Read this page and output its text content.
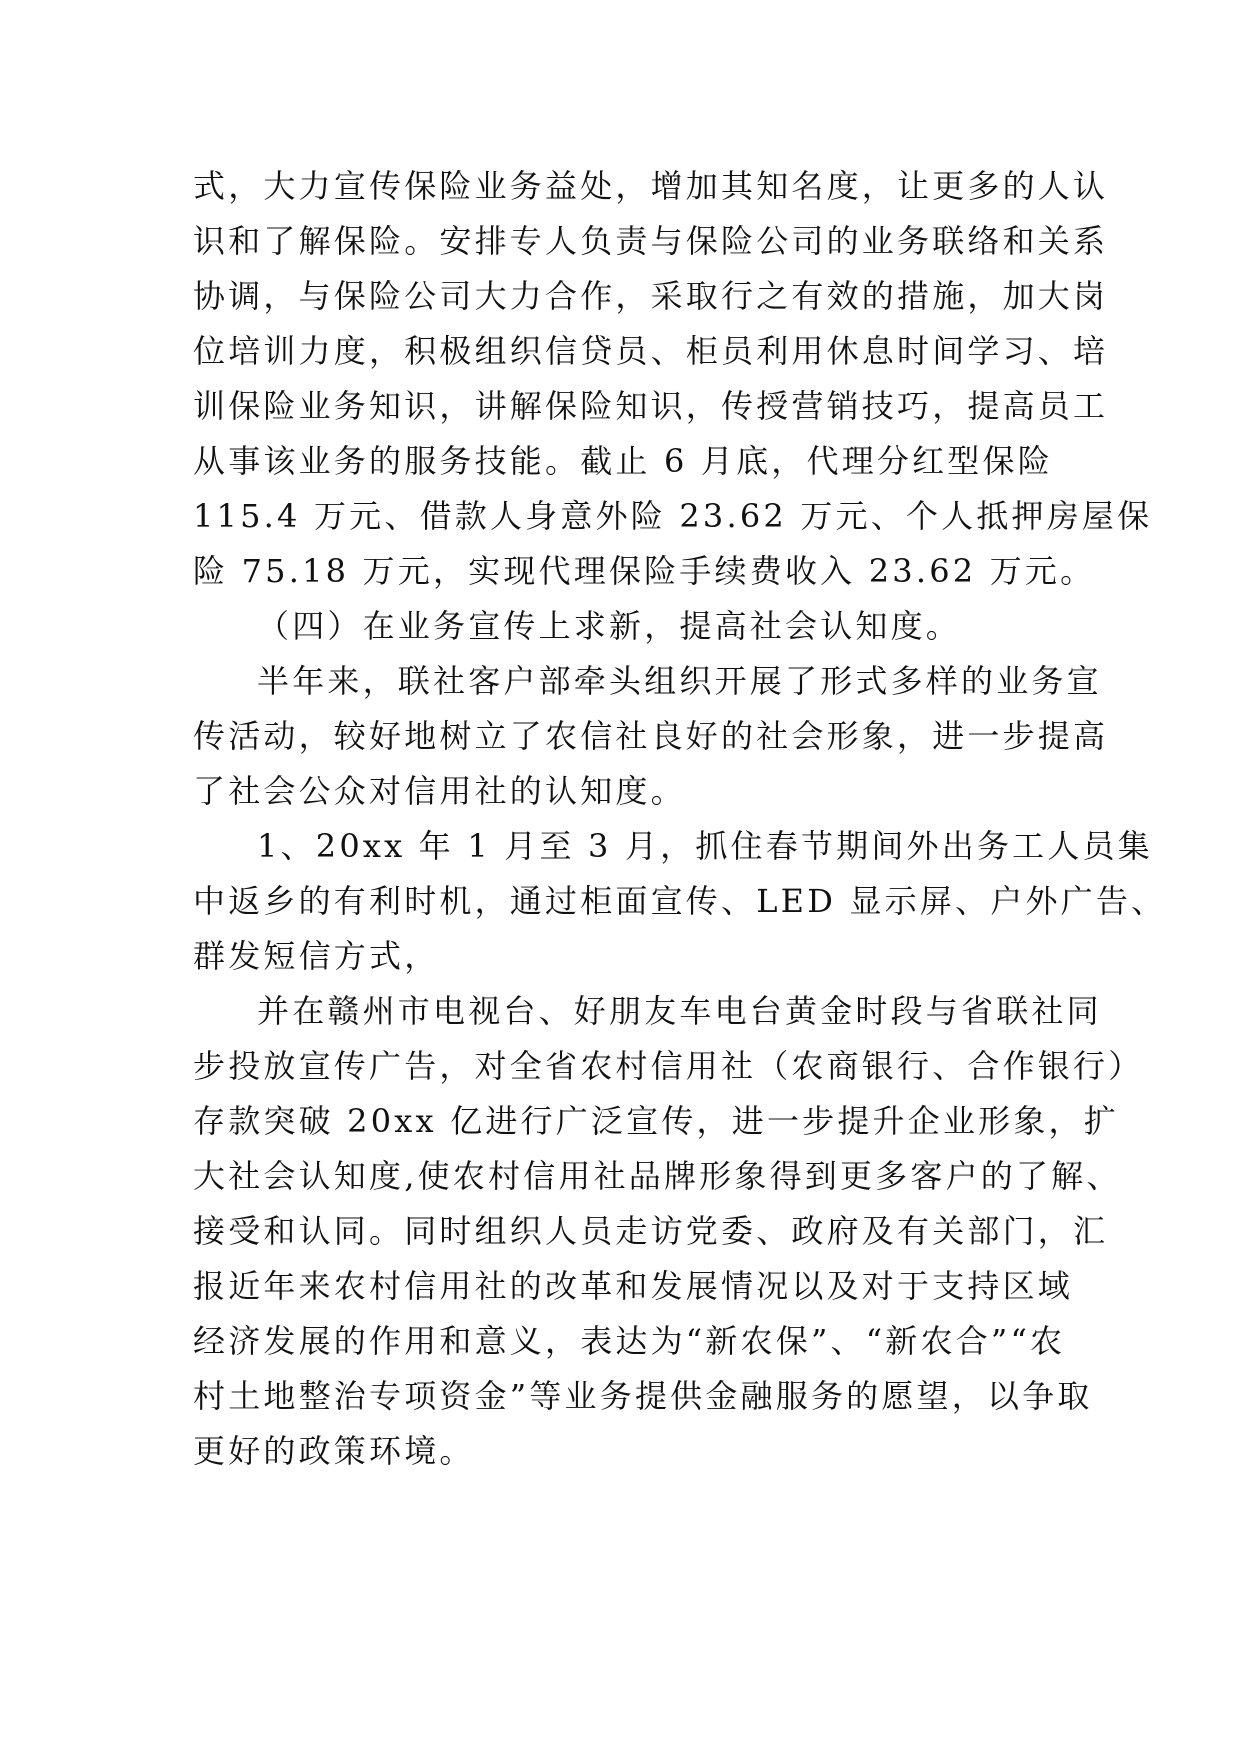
式，大力宣传保险业务益处，增加其知名度，让更多的人认
识和了解保险。安排专人负责与保险公司的业务联络和关系
协调，与保险公司大力合作，采取行之有效的措施，加大岗
位培训力度，积极组织信贷员、柜员利用休息时间学习、培
训保险业务知识，讲解保险知识，传授营销技巧，提高员工
从事该业务的服务技能。截止 6 月底，代理分红型保险
115.4 万元、借款人身意外险 23.62 万元、个人抵押房屋保
险 75.18 万元，实现代理保险手续费收入 23.62 万元。
（四）在业务宣传上求新，提高社会认知度。
半年来，联社客户部牵头组织开展了形式多样的业务宣
传活动，较好地树立了农信社良好的社会形象，进一步提高
了社会公众对信用社的认知度。
1、20xx 年 1 月至 3 月，抓住春节期间外出务工人员集
中返乡的有利时机，通过柜面宣传、LED 显示屏、户外广告、
群发短信方式，
并在赣州市电视台、好朋友车电台黄金时段与省联社同
步投放宣传广告，对全省农村信用社（农商银行、合作银行）
存款突破 20xx 亿进行广泛宣传，进一步提升企业形象，扩
大社会认知度,使农村信用社品牌形象得到更多客户的了解、
接受和认同。同时组织人员走访党委、政府及有关部门，汇
报近年来农村信用社的改革和发展情况以及对于支持区域
经济发展的作用和意义，表达为“新农保”、“新农合”“农
村土地整治专项资金”等业务提供金融服务的愿望，以争取
更好的政策环境。
